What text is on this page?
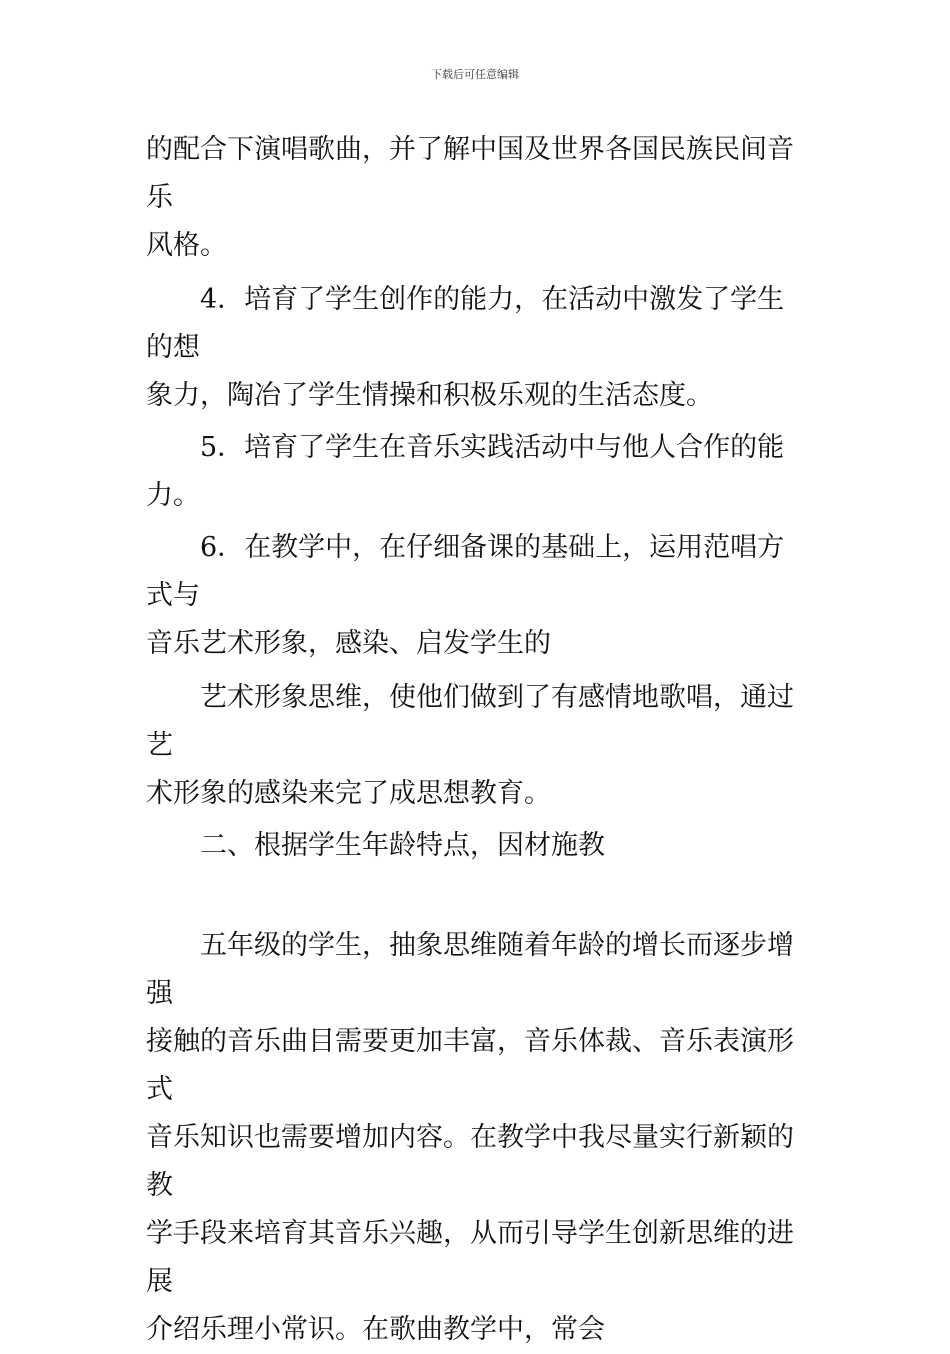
下载后可任意编辑
的配合下演唱歌曲，并了解中国及世界各国民族民间音乐
风格。
4．培育了学生创作的能力，在活动中激发了学生的想
象力，陶冶了学生情操和积极乐观的生活态度。
5．培育了学生在音乐实践活动中与他人合作的能力。
6．在教学中，在仔细备课的基础上，运用范唱方式与
音乐艺术形象，感染、启发学生的
艺术形象思维，使他们做到了有感情地歌唱，通过艺
术形象的感染来完了成思想教育。
二、根据学生年龄特点，因材施教
五年级的学生，抽象思维随着年龄的增长而逐步增强
接触的音乐曲目需要更加丰富，音乐体裁、音乐表演形式
音乐知识也需要增加内容。在教学中我尽量实行新颖的教
学手段来培育其音乐兴趣，从而引导学生创新思维的进展
介绍乐理小常识。在歌曲教学中，常会
